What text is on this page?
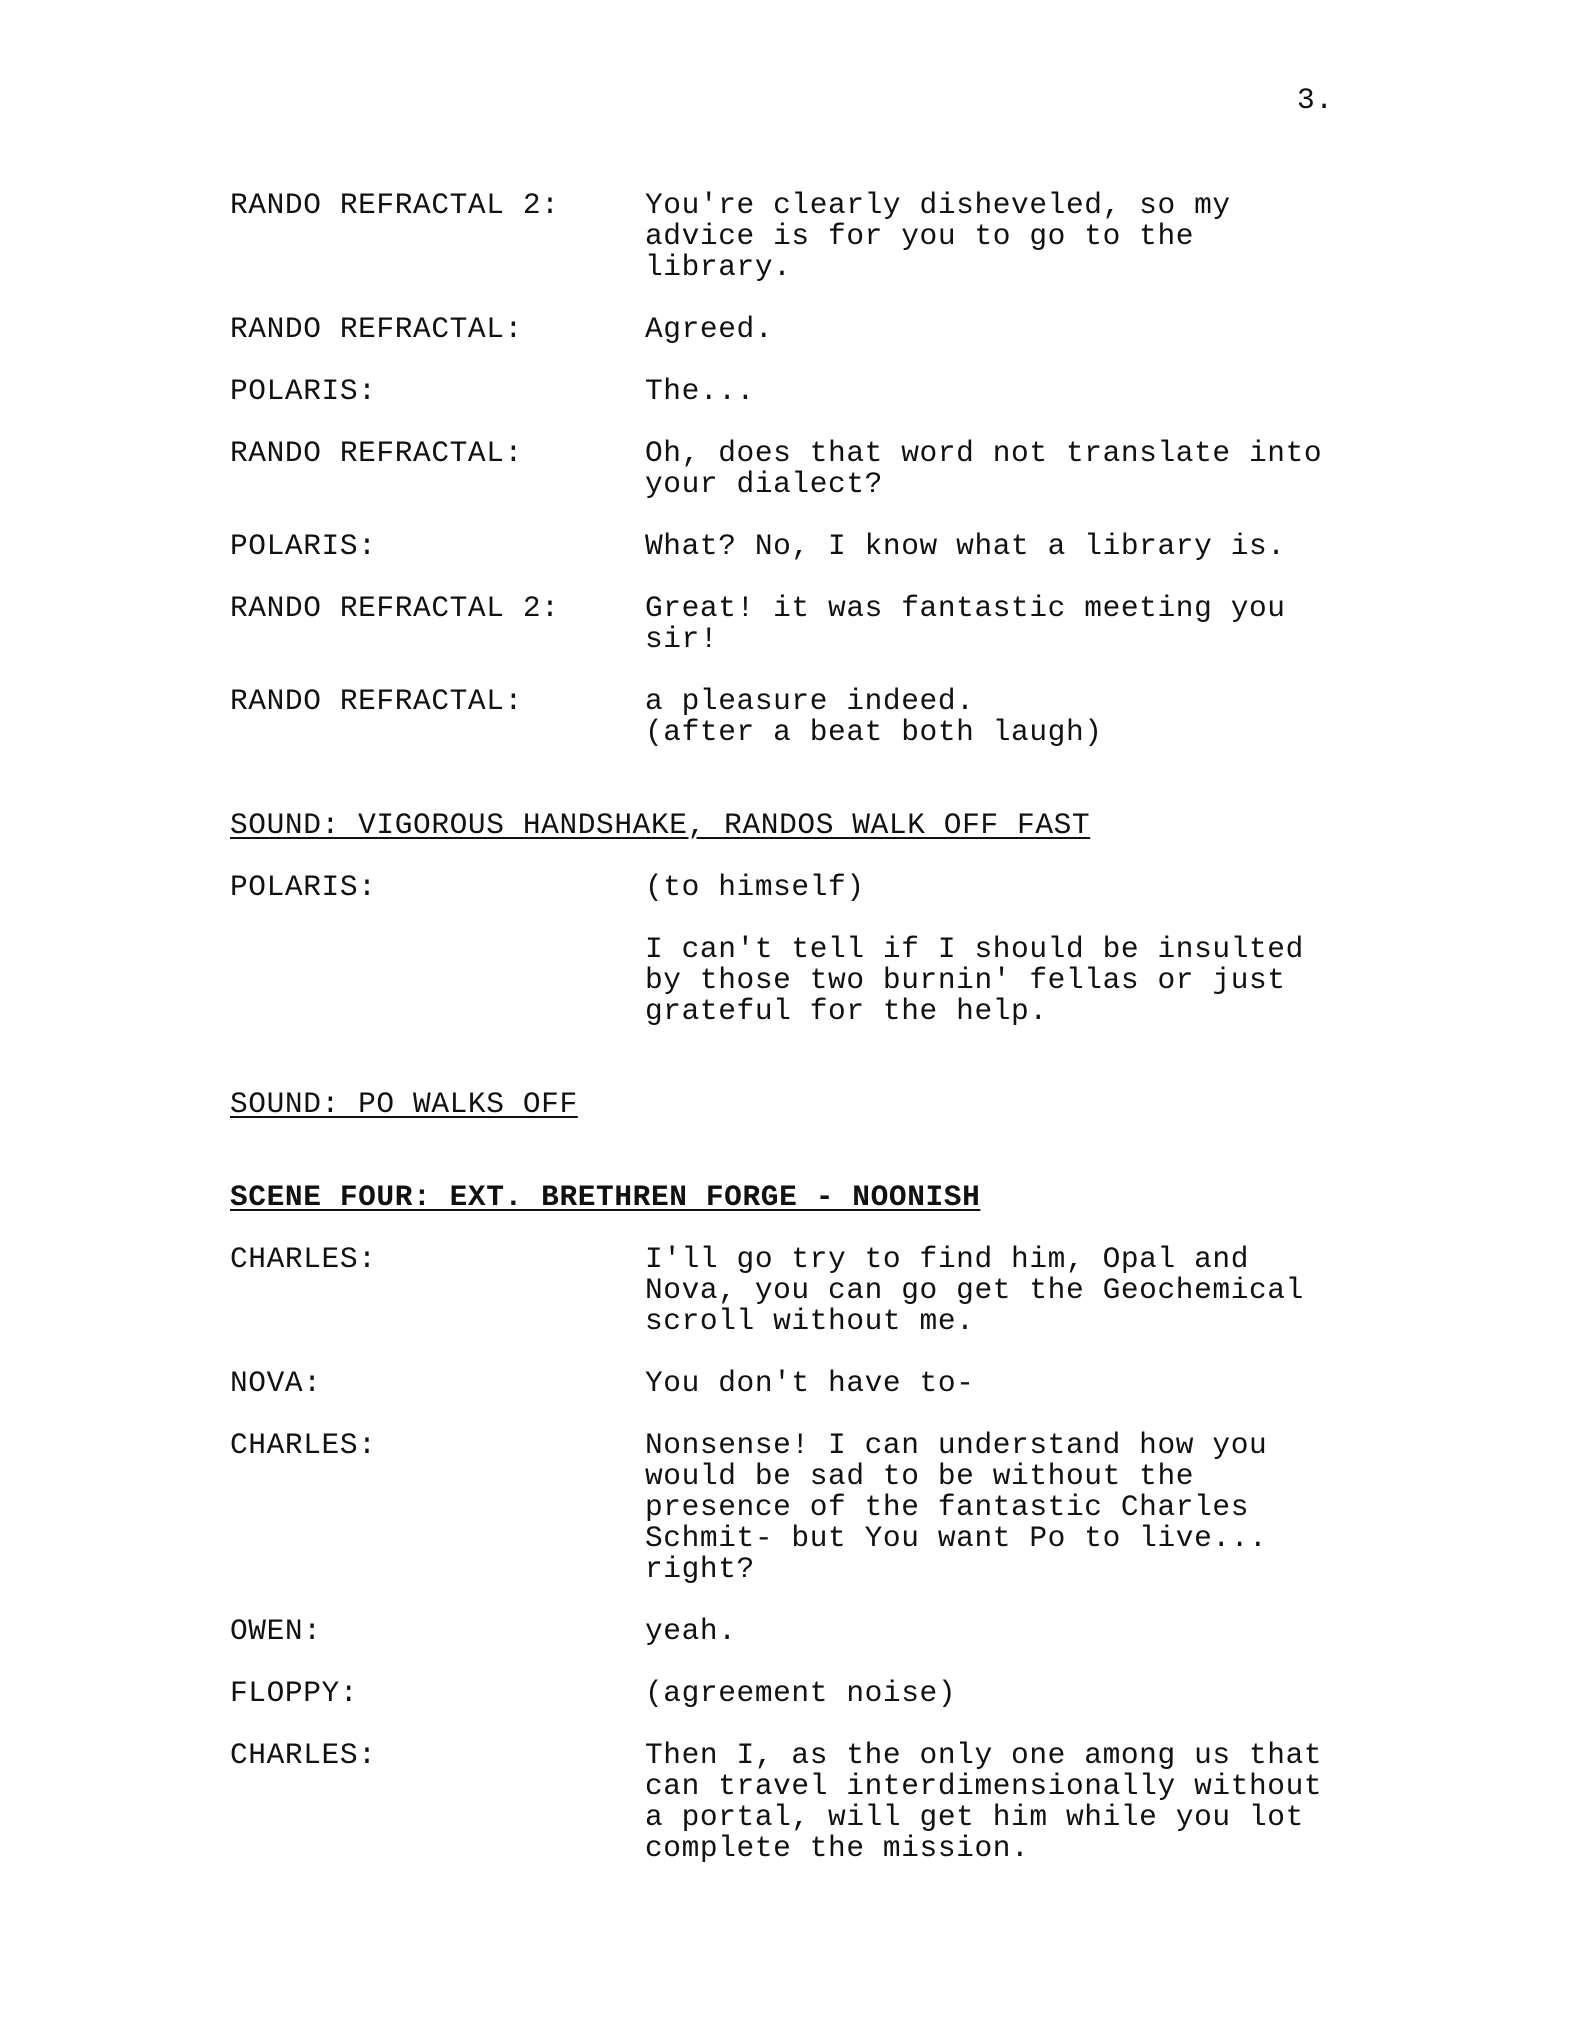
3.
RANDO REFRACTAL 2:	You're clearly disheveled, so my
advice is for you to go to the
library.
RANDO REFRACTAL:	Agreed.
POLARIS:	The...
RANDO REFRACTAL:	Oh, does that word not translate into
your dialect?
POLARIS:	What? No, I know what a library is.
RANDO REFRACTAL 2:	Great! it was fantastic meeting you
sir!
RANDO REFRACTAL:	a pleasure indeed.
(after a beat both laugh)
SOUND: VIGOROUS HANDSHAKE, RANDOS WALK OFF FAST
POLARIS:	(to himself)
I can't tell if I should be insulted
by those two burnin' fellas or just
grateful for the help.
SOUND: PO WALKS OFF
SCENE FOUR: EXT. BRETHREN FORGE - NOONISH
CHARLES:	I'll go try to find him, Opal and
Nova, you can go get the Geochemical
scroll without me.
NOVA:	You don't have to-
CHARLES:	Nonsense! I can understand how you
would be sad to be without the
presence of the fantastic Charles
Schmit- but You want Po to live...
right?
OWEN:	yeah.
FLOPPY:	(agreement noise)
CHARLES:	Then I, as the only one among us that
can travel interdimensionally without
a portal, will get him while you lot
complete the mission.
